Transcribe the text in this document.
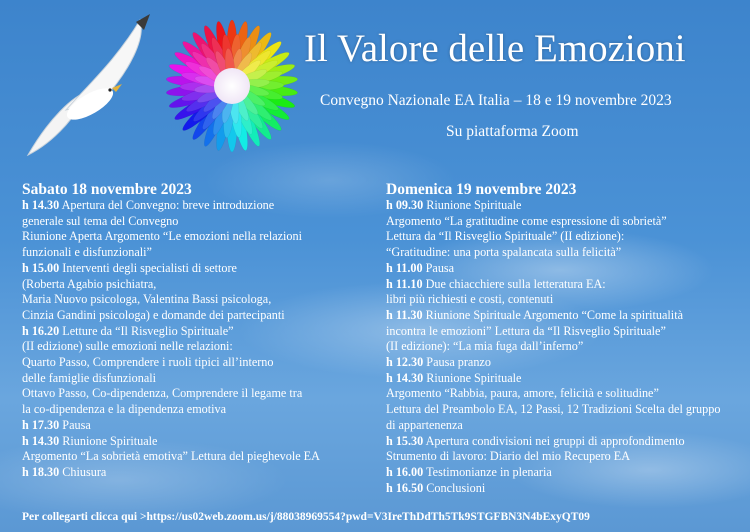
Il Valore delle Emozioni
Convegno Nazionale EA Italia – 18 e 19 novembre 2023
Su piattaforma Zoom
Sabato 18 novembre 2023
h 14.30 Apertura del Convegno: breve introduzione
generale sul tema del Convegno
Riunione Aperta Argomento “Le emozioni nella relazioni
funzionali e disfunzionali”
h 15.00 Interventi degli specialisti di settore
(Roberta Agabio psichiatra,
Maria Nuovo psicologa, Valentina Bassi psicologa,
Cinzia Gandini psicologa) e domande dei partecipanti
h 16.20 Letture da “Il Risveglio Spirituale”
(II edizione) sulle emozioni nelle relazioni:
Quarto Passo, Comprendere i ruoli tipici all’interno
delle famiglie disfunzionali
Ottavo Passo, Co-dipendenza, Comprendere il legame tra
la co-dipendenza e la dipendenza emotiva
h 17.30 Pausa
h 14.30 Riunione Spirituale
Argomento “La sobrietà emotiva” Lettura del pieghevole EA
h 18.30 Chiusura
Domenica 19 novembre 2023
h 09.30 Riunione Spirituale
Argomento “La gratitudine come espressione di sobrietà”
Lettura da “Il Risveglio Spirituale” (II edizione):
“Gratitudine: una porta spalancata sulla felicità”
h 11.00 Pausa
h 11.10 Due chiacchiere sulla letteratura EA:
libri più richiesti e costi, contenuti
h 11.30 Riunione Spirituale Argomento “Come la spiritualità
incontra le emozioni” Lettura da “Il Risveglio Spirituale”
(II edizione): “La mia fuga dall’inferno”
h 12.30 Pausa pranzo
h 14.30 Riunione Spirituale
Argomento “Rabbia, paura, amore, felicità e solitudine”
Lettura del Preambolo EA, 12 Passi, 12 Tradizioni Scelta del gruppo
di appartenenza
h 15.30 Apertura condivisioni nei gruppi di approfondimento
Strumento di lavoro: Diario del mio Recupero EA
h 16.00 Testimonianze in plenaria
h 16.50 Conclusioni
Per collegarti clicca qui >https://us02web.zoom.us/j/88038969554?pwd=V3IreThDdTh5Tk9STGFBN3N4bExyQT09
